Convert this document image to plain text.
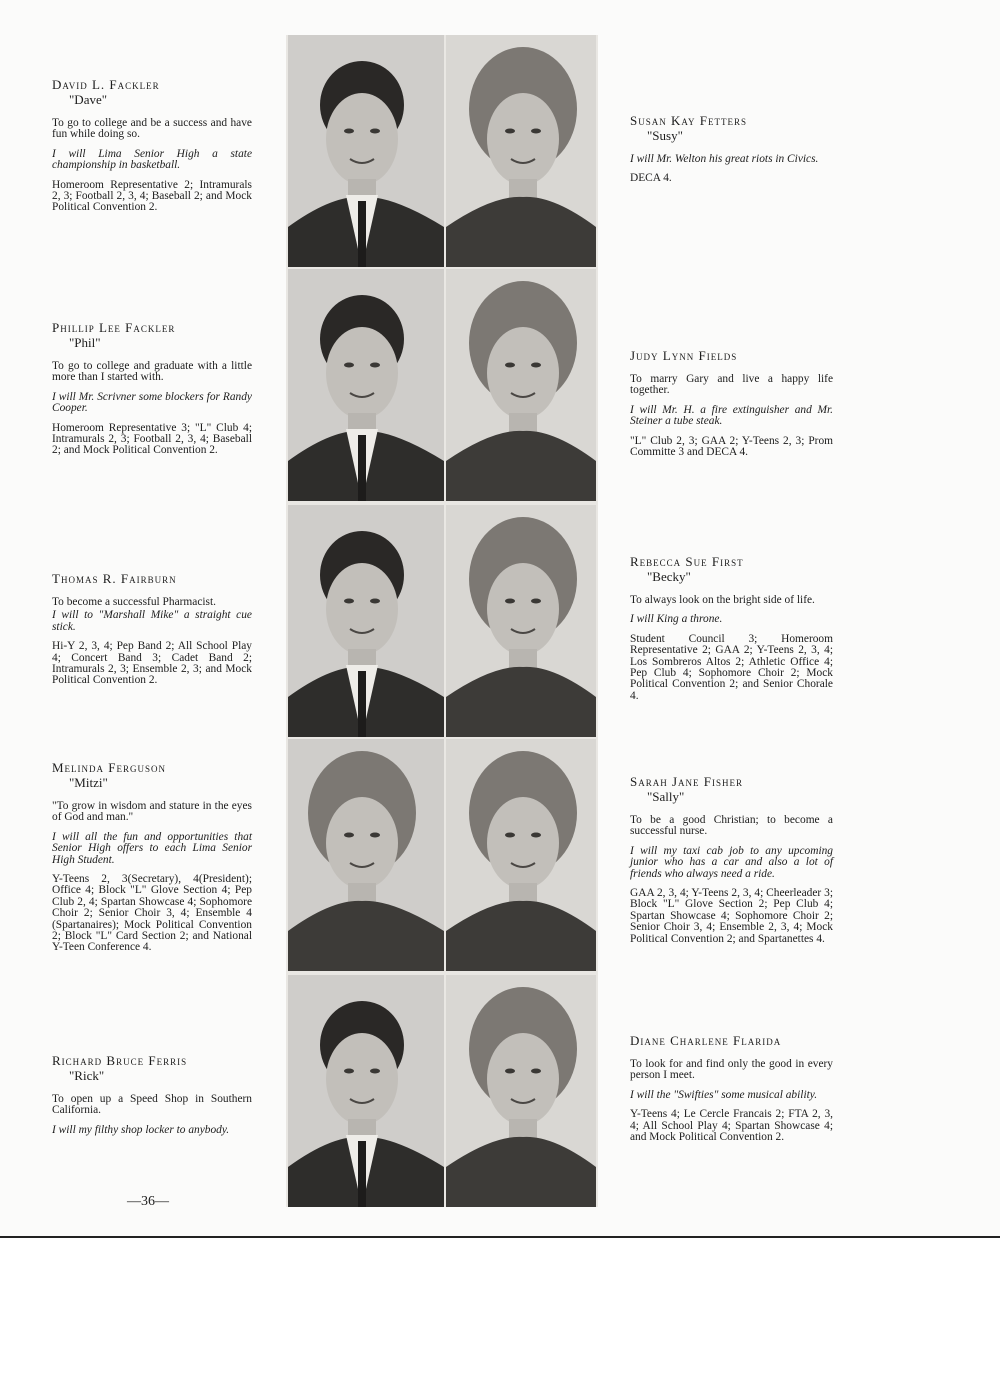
David L. Fackler

"Dave"

To go to college and be a success and have fun while doing so.

I will Lima Senior High a state championship in basketball.

Homeroom Representative 2; Intramurals 2, 3; Football 2, 3, 4; Baseball 2; and Mock Political Convention 2.

Susan Kay Fetters

"Susy"

I will Mr. Welton his great riots in Civics.

DECA 4.

Phillip Lee Fackler

"Phil"

To go to college and graduate with a little more than I started with.

I will Mr. Scrivner some blockers for Randy Cooper.

Homeroom Representative 3; "L" Club 4; Intramurals 2, 3; Football 2, 3, 4; Baseball 2; and Mock Political Convention 2.

Judy Lynn Fields

To marry Gary and live a happy life together.

I will Mr. H. a fire extinguisher and Mr. Steiner a tube steak.

"L" Club 2, 3; GAA 2; Y-Teens 2, 3; Prom Committe 3 and DECA 4.

Thomas R. Fairburn

To become a successful Pharmacist.

I will to "Marshall Mike" a straight cue stick.

Hi-Y 2, 3, 4; Pep Band 2; All School Play 4; Concert Band 3; Cadet Band 2; Intramurals 2, 3; Ensemble 2, 3; and Mock Political Convention 2.

Rebecca Sue First

"Becky"

To always look on the bright side of life.

I will King a throne.

Student Council 3; Homeroom Representative 2; GAA 2; Y-Teens 2, 3, 4; Los Sombreros Altos 2; Athletic Office 4; Pep Club 4; Sophomore Choir 2; Mock Political Convention 2; and Senior Chorale 4.

Melinda Ferguson

"Mitzi"

"To grow in wisdom and stature in the eyes of God and man."

I will all the fun and opportunities that Senior High offers to each Lima Senior High Student.

Y-Teens 2, 3(Secretary), 4(President); Office 4; Block "L" Glove Section 4; Pep Club 2, 4; Spartan Showcase 4; Sophomore Choir 2; Senior Choir 3, 4; Ensemble 4 (Spartanaires); Mock Political Convention 2; Block "L" Card Section 2; and National Y-Teen Conference 4.

Sarah Jane Fisher

"Sally"

To be a good Christian; to become a successful nurse.

I will my taxi cab job to any upcoming junior who has a car and also a lot of friends who always need a ride.

GAA 2, 3, 4; Y-Teens 2, 3, 4; Cheerleader 3; Block "L" Glove Section 2; Pep Club 4; Spartan Showcase 4; Sophomore Choir 2; Senior Choir 3, 4; Ensemble 2, 3, 4; Mock Political Convention 2; and Spartanettes 4.

Richard Bruce Ferris

"Rick"

To open up a Speed Shop in Southern California.

I will my filthy shop locker to anybody.

Diane Charlene Flarida

To look for and find only the good in every person I meet.

I will the "Swifties" some musical ability.

Y-Teens 4; Le Cercle Francais 2; FTA 2, 3, 4; All School Play 4; Spartan Showcase 4; and Mock Political Convention 2.

—36—
